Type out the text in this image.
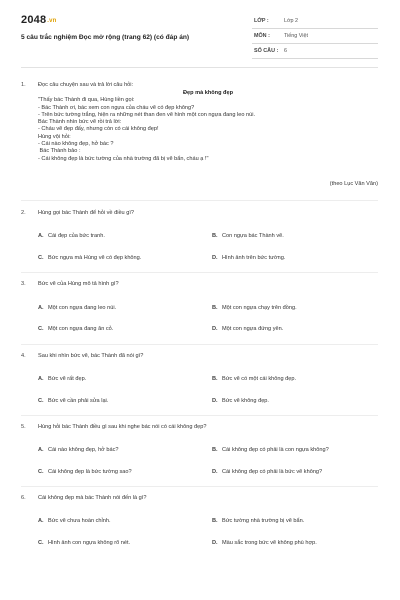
2048.vn
5 câu trắc nghiệm Đọc mở rộng (trang 62) (có đáp án)
LỚP :	Lớp 2
MÔN :	Tiếng Việt
SỐ CÂU : 6
1. Đọc câu chuyện sau và trả lời câu hỏi:
Đẹp mà không đẹp
"Thấy bác Thành đi qua, Hùng liền gọi:
- Bác Thành ơi, bác xem con ngựa của cháu vẽ có đẹp không?
- Trên bức tường trắng, hiện ra những nét than đen vẽ hình một con ngựa đang leo núi.
Bác Thành nhìn bức vẽ rồi trả lời:
- Cháu vẽ đẹp đấy, nhưng còn có cái không đẹp!
Hùng vội hỏi:
- Cái nào không đẹp, hở bác ?
Bác Thành bảo :
- Cái không đẹp là bức tường của nhà trường đã bị vẽ bẩn, cháu ạ !"
(theo Lục Văn Văn)
2. Hùng gọi bác Thành để hỏi về điều gì?
A. Cái đẹp của bức tranh.	B. Con ngựa bác Thành vẽ.
C. Bức ngựa mà Hùng vẽ có đẹp không.	D. Hình ảnh trên bức tường.
3. Bức vẽ của Hùng mô tả hình gì?
A. Một con ngựa đang leo núi.	B. Một con ngựa chạy trên đồng.
C. Một con ngựa đang ăn cỏ.	D. Một con ngựa đứng yên.
4. Sau khi nhìn bức vẽ, bác Thành đã nói gì?
A. Bức vẽ rất đẹp.	B. Bức vẽ có một cái không đẹp.
C. Bức vẽ cần phải sửa lại.	D. Bức vẽ không đẹp.
5. Hùng hỏi bác Thành điều gì sau khi nghe bác nói có cái không đẹp?
A. Cái nào không đẹp, hở bác?	B. Cái không đẹp có phải là con ngựa không?
C. Cái không đẹp là bức tường sao?	D. Cái không đẹp có phải là bức vẽ không?
6. Cái không đẹp mà bác Thành nói đến là gì?
A. Bức vẽ chưa hoàn chỉnh.	B. Bức tường nhà trường bị vẽ bẩn.
C. Hình ảnh con ngựa không rõ nét.	D. Màu sắc trong bức vẽ không phù hợp.
